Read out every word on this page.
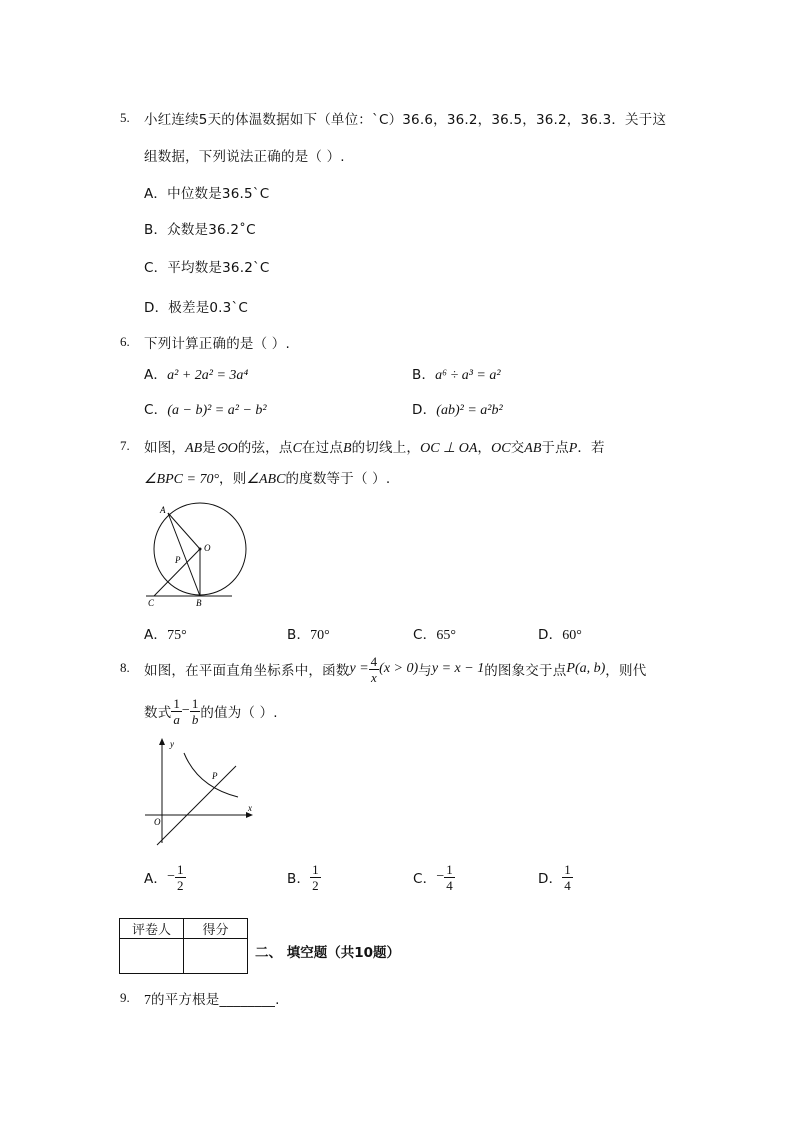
5. 小红连续5天的体温数据如下（单位：`C）36.6，36.2，36.5，36.2，36.3．关于这
组数据，下列说法正确的是（ ）.
A．中位数是36.5`C
B．众数是36.2˚C
C．平均数是36.2`C
D．极差是0.3`C
6. 下列计算正确的是（ ）.
A．a² + 2a² = 3a⁴	B．a⁶ ÷ a³ = a²
C．(a − b)² = a² − b²	D．(ab)² = a²b²
7. 如图，AB是⊙O的弦，点C在过点B的切线上，OC ⊥ OA，OC交AB于点P．若
∠BPC = 70°，则∠ABC的度数等于（ ）.
A
O
P
C	B
A．75°	B．70°	C．65°	D．60°
8. 如图，在平面直角坐标系中，函数 $y = \frac{4}{x} (x > 0)$ 与 y = x − 1 的图象交于点 P(a, b) ，则代
数式 $\frac{1}{a} - \frac{1}{b}$ 的值为（ ）.
y
x
O
P
A． − $\frac{1}{2}$	B． $\frac{1}{2}$	C． − $\frac{1}{4}$	D． $\frac{1}{4}$
评卷人	得分

二、 填空题（共10题）
9. 7的平方根是________.
